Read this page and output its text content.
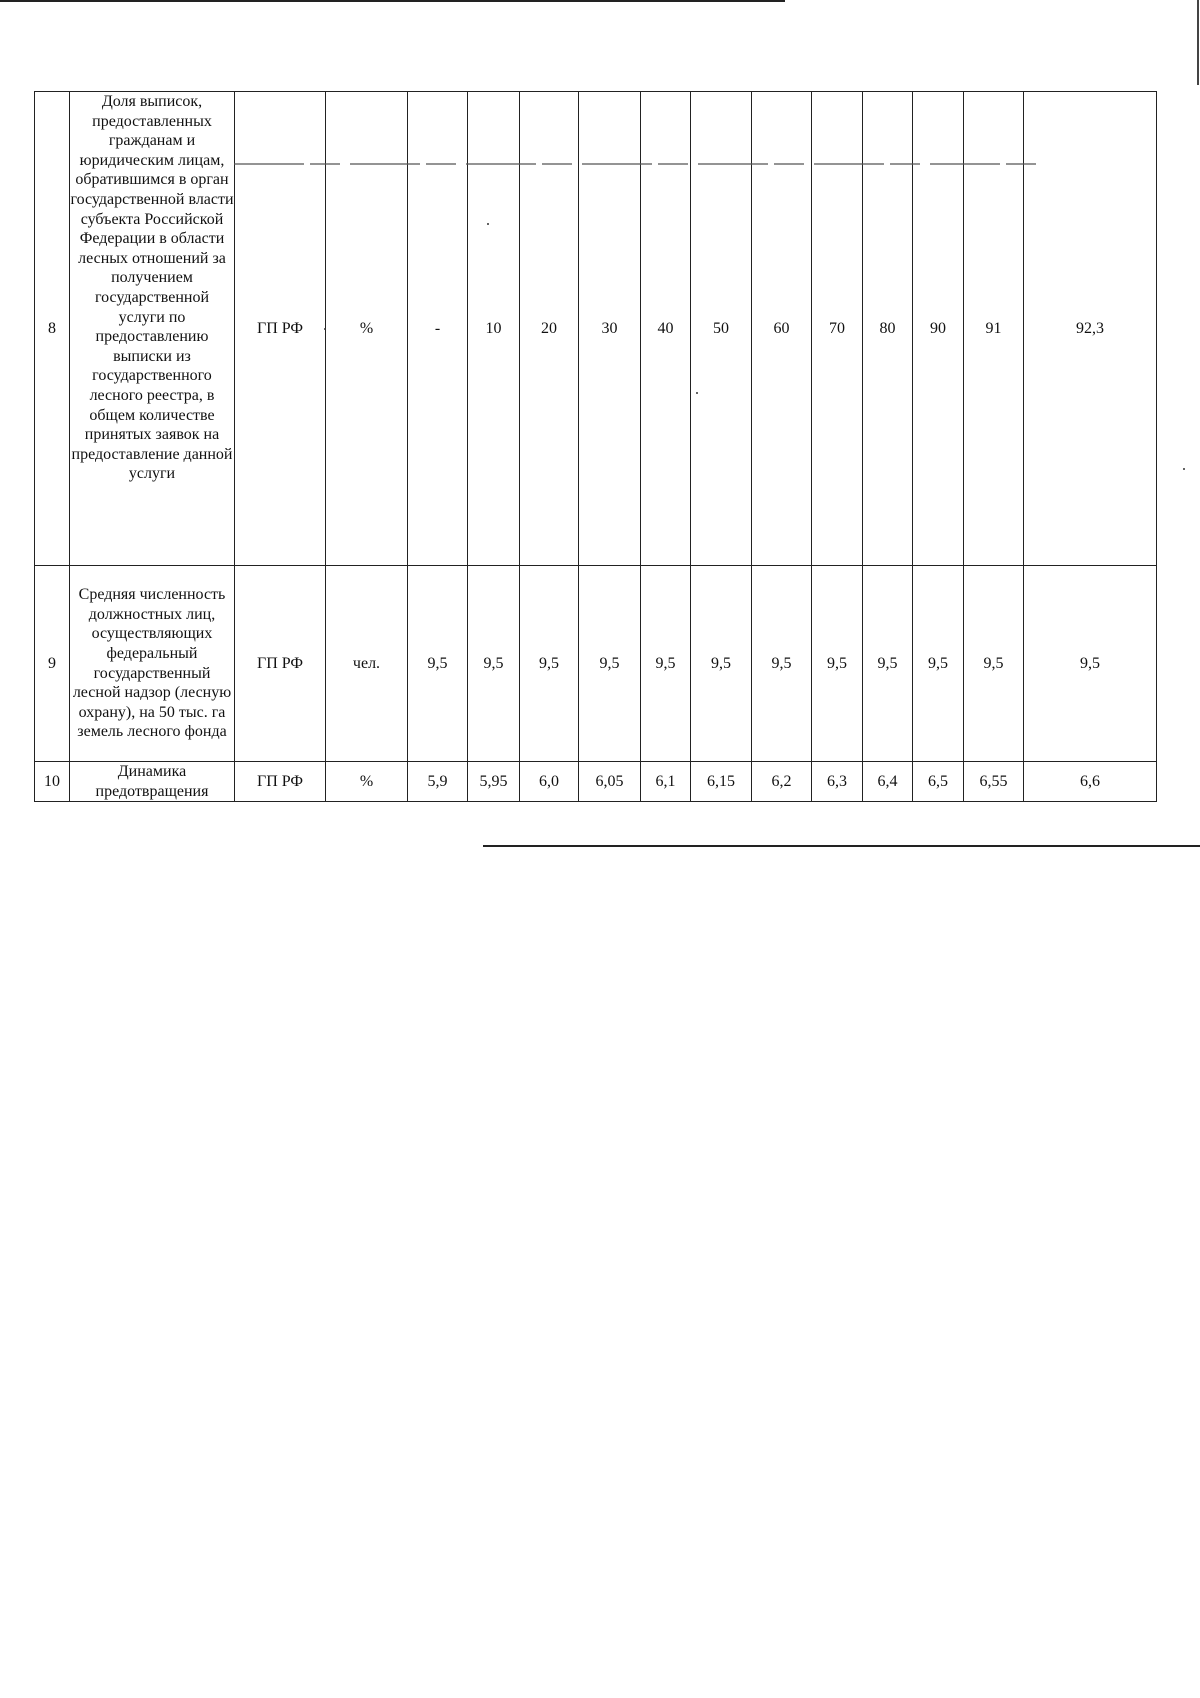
8	Доля выписок, предоставленных гражданам и юридическим лицам, обратившимся в орган государственной власти субъекта Российской Федерации в области лесных отношений за получением государственной услуги по предоставлению выписки из государственного лесного реестра, в общем количестве принятых заявок на предоставление данной услуги	ГП РФ	%	-	10	20	30	40	50	60	70	80	90	91	92,3
9	Средняя численность должностных лиц, осуществляющих федеральный государственный лесной надзор (лесную охрану), на 50 тыс. га земель лесного фонда	ГП РФ	чел.	9,5	9,5	9,5	9,5	9,5	9,5	9,5	9,5	9,5	9,5	9,5	9,5
10	Динамика предотвращения	ГП РФ	%	5,9	5,95	6,0	6,05	6,1	6,15	6,2	6,3	6,4	6,5	6,55	6,6
